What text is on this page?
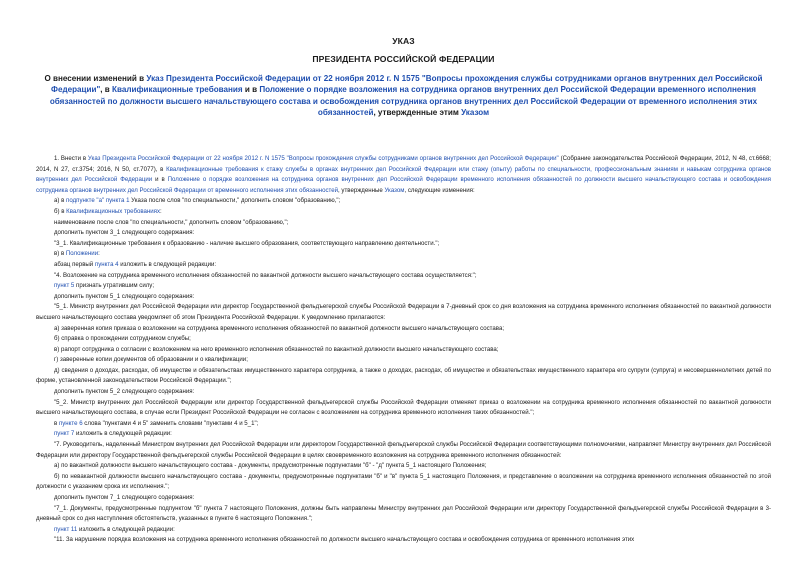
УКАЗ
ПРЕЗИДЕНТА РОССИЙСКОЙ ФЕДЕРАЦИИ
О внесении изменений в Указ Президента Российской Федерации от 22 ноября 2012 г. N 1575 "Вопросы прохождения службы сотрудниками органов внутренних дел Российской Федерации", в Квалификационные требования и в Положение о порядке возложения на сотрудника органов внутренних дел Российской Федерации временного исполнения обязанностей по должности высшего начальствующего состава и освобождения сотрудника органов внутренних дел Российской Федерации от временного исполнения этих обязанностей, утвержденные этим Указом

1. Внести в Указ Президента Российской Федерации от 22 ноября 2012 г. N 1575 "Вопросы прохождения службы сотрудниками органов внутренних дел Российской Федерации" (Собрание законодательства Российской Федерации, 2012, N 48, ст.6668; 2014, N 27, ст.3754; 2016, N 50, ст.7077), в Квалификационные требования к стажу службы в органах внутренних дел Российской Федерации или стажу (опыту) работы по специальности, профессиональным знаниям и навыкам сотрудника органов внутренних дел Российской Федерации и в Положение о порядке возложения на сотрудника органов внутренних дел Российской Федерации временного исполнения обязанностей по должности высшего начальствующего состава и освобождения сотрудника органов внутренних дел Российской Федерации от временного исполнения этих обязанностей, утвержденные Указом, следующие изменения:

а) в подпункте "а" пункта 1 Указа после слов "по специальности," дополнить словом "образованию,";

б) в Квалификационных требованиях:

наименование после слов "по специальности," дополнить словом "образованию,";

дополнить пунктом 3_1 следующего содержания:

"3_1. Квалификационные требования к образованию - наличие высшего образования, соответствующего направлению деятельности.";

в) в Положении:

абзац первый пункта 4 изложить в следующей редакции:

"4. Возложение на сотрудника временного исполнения обязанностей по вакантной должности высшего начальствующего состава осуществляется:";

пункт 5 признать утратившим силу;

дополнить пунктом 5_1 следующего содержания:

"5_1. Министр внутренних дел Российской Федерации или директор Государственной фельдъегерской службы Российской Федерации в 7-дневный срок со дня возложения на сотрудника временного исполнения обязанностей по вакантной должности высшего начальствующего состава уведомляет об этом Президента Российской Федерации. К уведомлению прилагаются:

а) заверенная копия приказа о возложении на сотрудника временного исполнения обязанностей по вакантной должности высшего начальствующего состава;

б) справка о прохождении сотрудником службы;

в) рапорт сотрудника о согласии с возложением на него временного исполнения обязанностей по вакантной должности высшего начальствующего состава;

г) заверенные копии документов об образовании и о квалификации;

д) сведения о доходах, расходах, об имуществе и обязательствах имущественного характера сотрудника, а также о доходах, расходах, об имуществе и обязательствах имущественного характера его супруги (супруга) и несовершеннолетних детей по форме, установленной законодательством Российской Федерации.";

дополнить пунктом 5_2 следующего содержания:

"5_2. Министр внутренних дел Российской Федерации или директор Государственной фельдъегерской службы Российской Федерации отменяет приказ о возложении на сотрудника временного исполнения обязанностей по вакантной должности высшего начальствующего состава, в случае если Президент Российской Федерации не согласен с возложением на сотрудника временного исполнения таких обязанностей.";

в пункте 6 слова "пунктами 4 и 5" заменить словами "пунктами 4 и 5_1";

пункт 7 изложить в следующей редакции:

"7. Руководитель, наделенный Министром внутренних дел Российской Федерации или директором Государственной фельдъегерской службы Российской Федерации соответствующими полномочиями, направляет Министру внутренних дел Российской Федерации или директору Государственной фельдъегерской службы Российской Федерации в целях своевременного возложения на сотрудника временного исполнения обязанностей:

а) по вакантной должности высшего начальствующего состава - документы, предусмотренные подпунктами "б" - "д" пункта 5_1 настоящего Положения;

б) по невакантной должности высшего начальствующего состава - документы, предусмотренные подпунктами "б" и "в" пункта 5_1 настоящего Положения, и представление о возложении на сотрудника временного исполнения обязанностей по этой должности с указанием срока их исполнения.";

дополнить пунктом 7_1 следующего содержания:

"7_1. Документы, предусмотренные подпунктом "б" пункта 7 настоящего Положения, должны быть направлены Министру внутренних дел Российской Федерации или директору Государственной фельдъегерской службы Российской Федерации в 3-дневный срок со дня наступления обстоятельств, указанных в пункте 6 настоящего Положения.";

пункт 11 изложить в следующей редакции:

"11. За нарушение порядка возложения на сотрудника временного исполнения обязанностей по должности высшего начальствующего состава и освобождения сотрудника от временного исполнения этих
